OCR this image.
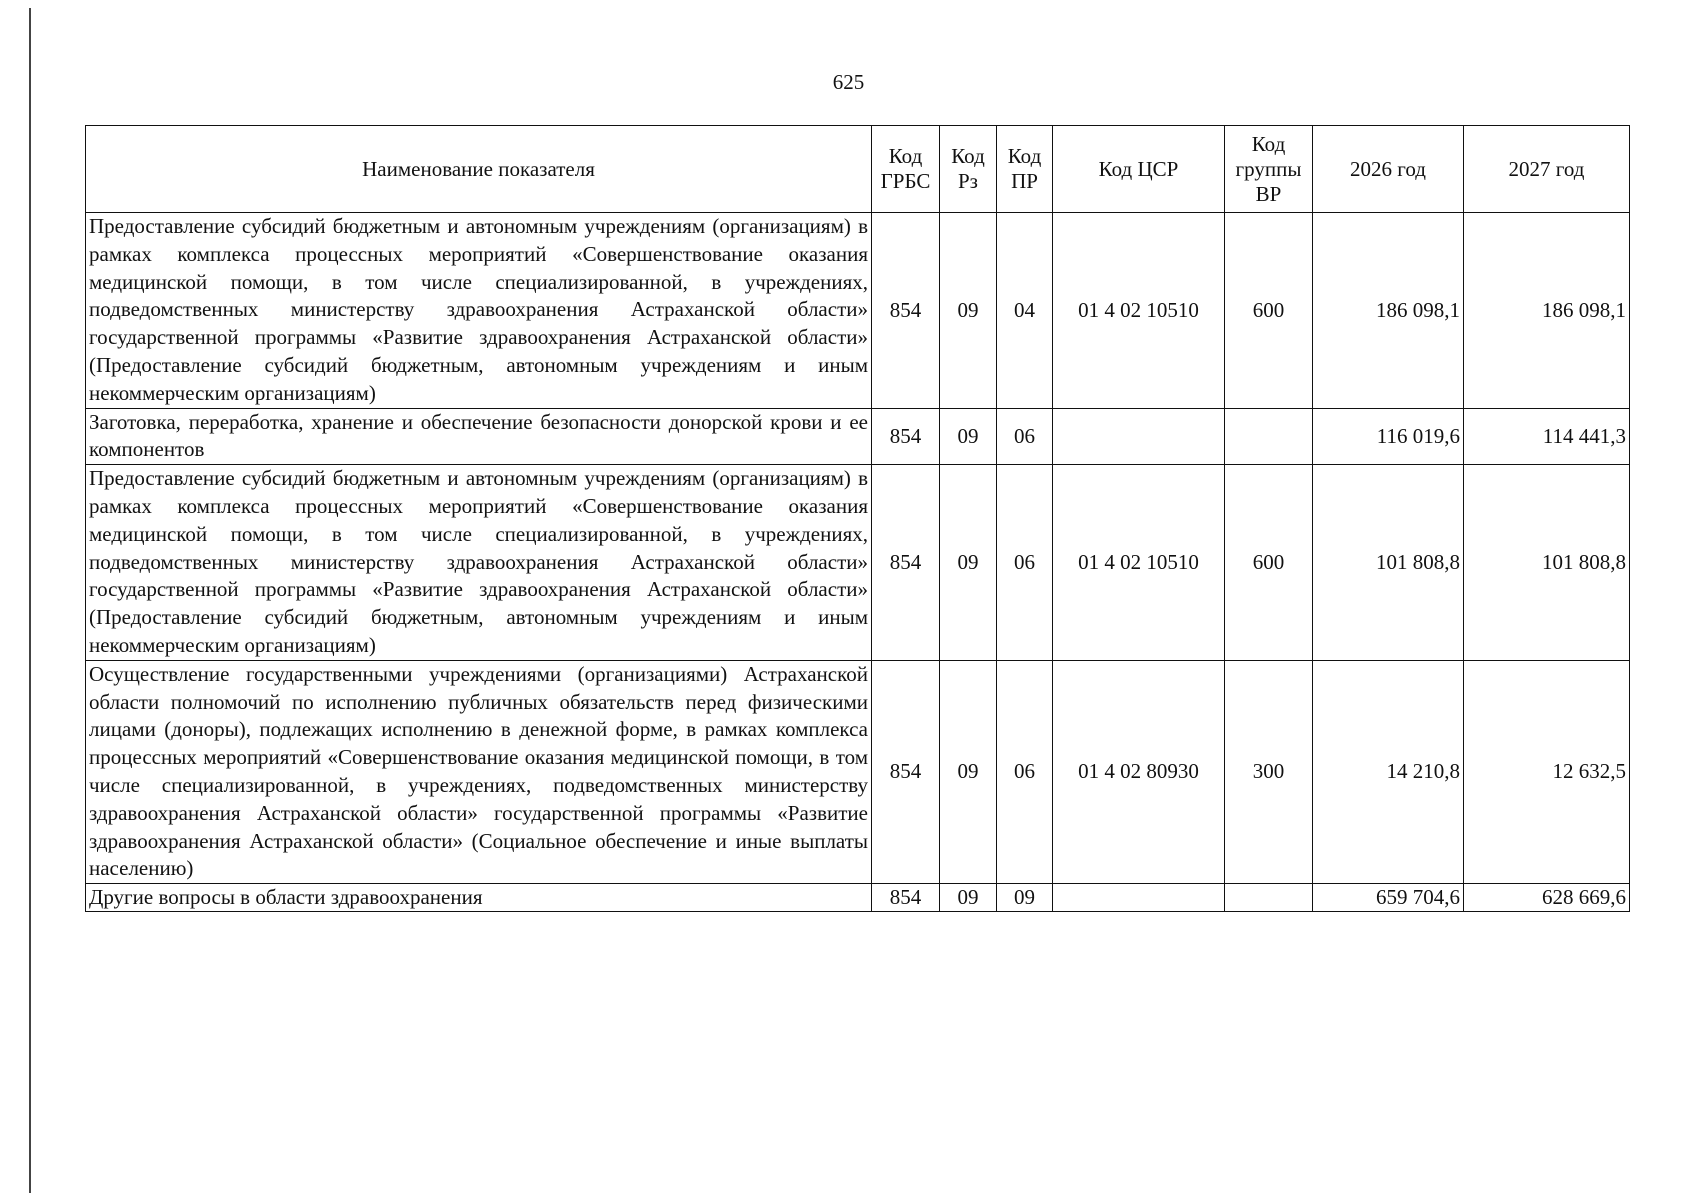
625
Наименование показателя	Код ГРБС	Код Рз	Код ПР	Код ЦСР	Код группы ВР	2026 год	2027 год
Предоставление субсидий бюджетным и автономным учреждениям (организациям) в рамках комплекса процессных мероприятий «Совершенствование оказания медицинской помощи, в том числе специализированной, в учреждениях, подведомственных министерству здравоохранения Астраханской области» государственной программы «Развитие здравоохранения Астраханской области» (Предоставление субсидий бюджетным, автономным учреждениям и иным некоммерческим организациям)	854	09	04	01 4 02 10510	600	186 098,1	186 098,1
Заготовка, переработка, хранение и обеспечение безопасности донорской крови и ее компонентов	854	09	06			116 019,6	114 441,3
Предоставление субсидий бюджетным и автономным учреждениям (организациям) в рамках комплекса процессных мероприятий «Совершенствование оказания медицинской помощи, в том числе специализированной, в учреждениях, подведомственных министерству здравоохранения Астраханской области» государственной программы «Развитие здравоохранения Астраханской области» (Предоставление субсидий бюджетным, автономным учреждениям и иным некоммерческим организациям)	854	09	06	01 4 02 10510	600	101 808,8	101 808,8
Осуществление государственными учреждениями (организациями) Астраханской области полномочий по исполнению публичных обязательств перед физическими лицами (доноры), подлежащих исполнению в денежной форме, в рамках комплекса процессных мероприятий «Совершенствование оказания медицинской помощи, в том числе специализированной, в учреждениях, подведомственных министерству здравоохранения Астраханской области» государственной программы «Развитие здравоохранения Астраханской области» (Социальное обеспечение и иные выплаты населению)	854	09	06	01 4 02 80930	300	14 210,8	12 632,5
Другие вопросы в области здравоохранения	854	09	09			659 704,6	628 669,6
